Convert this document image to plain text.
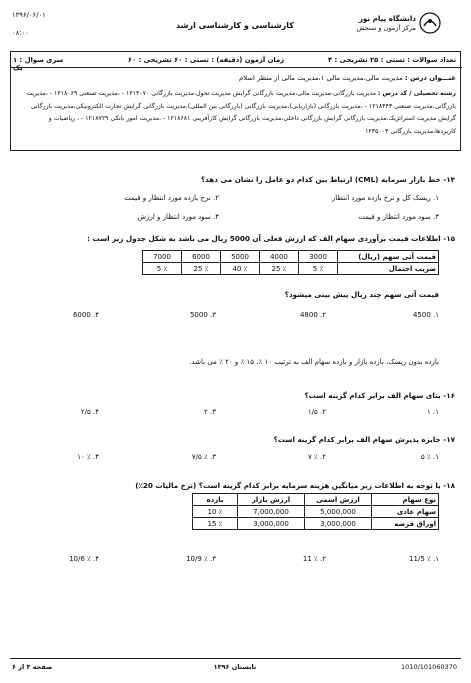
۱۳۹۶/۰۶/۰۱
۰۸:۰۰
کارشناسی و کارشناسی ارشد
دانشگاه پیام نور
مرکز آزمون و سنجش
سری سوال : ۱ یک
زمان آزمون (دقیقه) : تستی : ۶۰ تشریحی : ۶۰	تعداد سوالات : تستی : ۲۵ تشریحی : ۴
عنـــوان درس : مدیریت مالی،مدیریت مالی ۱،مدیریت مالی از منظر اسلام
رشته تحصیلی / کد درس : مدیریت بازرگانی-مدیریت مالی،مدیریت بازرگانی گرایش مدیریت تحول،مدیریت بازرگانی ۱۲۱۴۰۷۰ - ،مدیریت صنعتی ۱۲۱۸۰۶۹ - ،مدیریت بازرگانی،مدیریت صنعتی ۱۲۱۸۴۴۳ - ،مدیریت بازرگانی (بازاریابی)،مدیریت بازرگانی (بازرگانی بین المللی)،مدیریت بازرگانی گرایش تجارت الکترونیکی،مدیریت بازرگانی گرایش مدیریت استراتژیک،مدیریت بازرگانی گرایش بازرگانی داخلی،مدیریت بازرگانی گرایش کارآفرینی ۱۲۱۸۶۸۱ - ،مدیریت امور بانکی ۱۲۱۸۷۲۹ - ، ریاضیات و کاربردها،مدیریت بازرگانی ۱۲۳۵۰۰۴
۱۴- خط بازار سرمایه (CML) ارتباط بین کدام دو عامل را نشان می دهد؟
۱. ریسک کل و نرخ بازده مورد انتظار
۲. نرخ بازده مورد انتظار و قیمت
۳. سود مورد انتظار و قیمت
۴. سود مورد انتظار و ارزش
۱۵- اطلاعات قیمت برآوردی سهام الف که ارزش فعلی آن 5000 ریال می باشد به شکل جدول زیر است :
قیمت آتی سهم (ریال)	3000	4000	5000	6000	7000
ضریب احتمال	٪ 5	٪ 25	٪ 40	٪ 25	٪ 5
قیمت آتی سهم چند ریال پیش بینی میشود؟
۱. 4500
۲. 4800
۳. 5000
۴. 6000
بازده بدون ریسک، بازده بازار و بازده سهام الف به ترتیب ۱۰ ٪، ۱۵ ٪ و ۲۰ ٪ می باشد.
۱۶- بتای سهام الف برابر کدام گزینه است؟
۱. ۱
۲. ۱/۵
۳. ۲
۴. ۲/۵
۱۷- جایزه پذیرش سهام الف برابر کدام گزینه است؟
۱. ٪ ۵
۲. ٪ ۷
۳. ٪ ۷/۵
۴. ٪ ۱۰
۱۸- با توجه به اطلاعات زیر میانگین هزینه سرمایه برابر کدام گزینه است؟ (نرخ مالیات 20٪)
نوع سهام	ارزش اسمی	ارزش بازار	بازده
سهام عادی	5,000,000	7,000,000	٪ 10
اوراق قرضه	3,000,000	3,000,000	٪ 15
۱. ٪ 11/5
۲. ٪ 11
۳. ٪ 10/9
۴. ٪ 10/6
صفحه ۳ از ۶	تابستان ۱۳۹۶	1010/101060370
